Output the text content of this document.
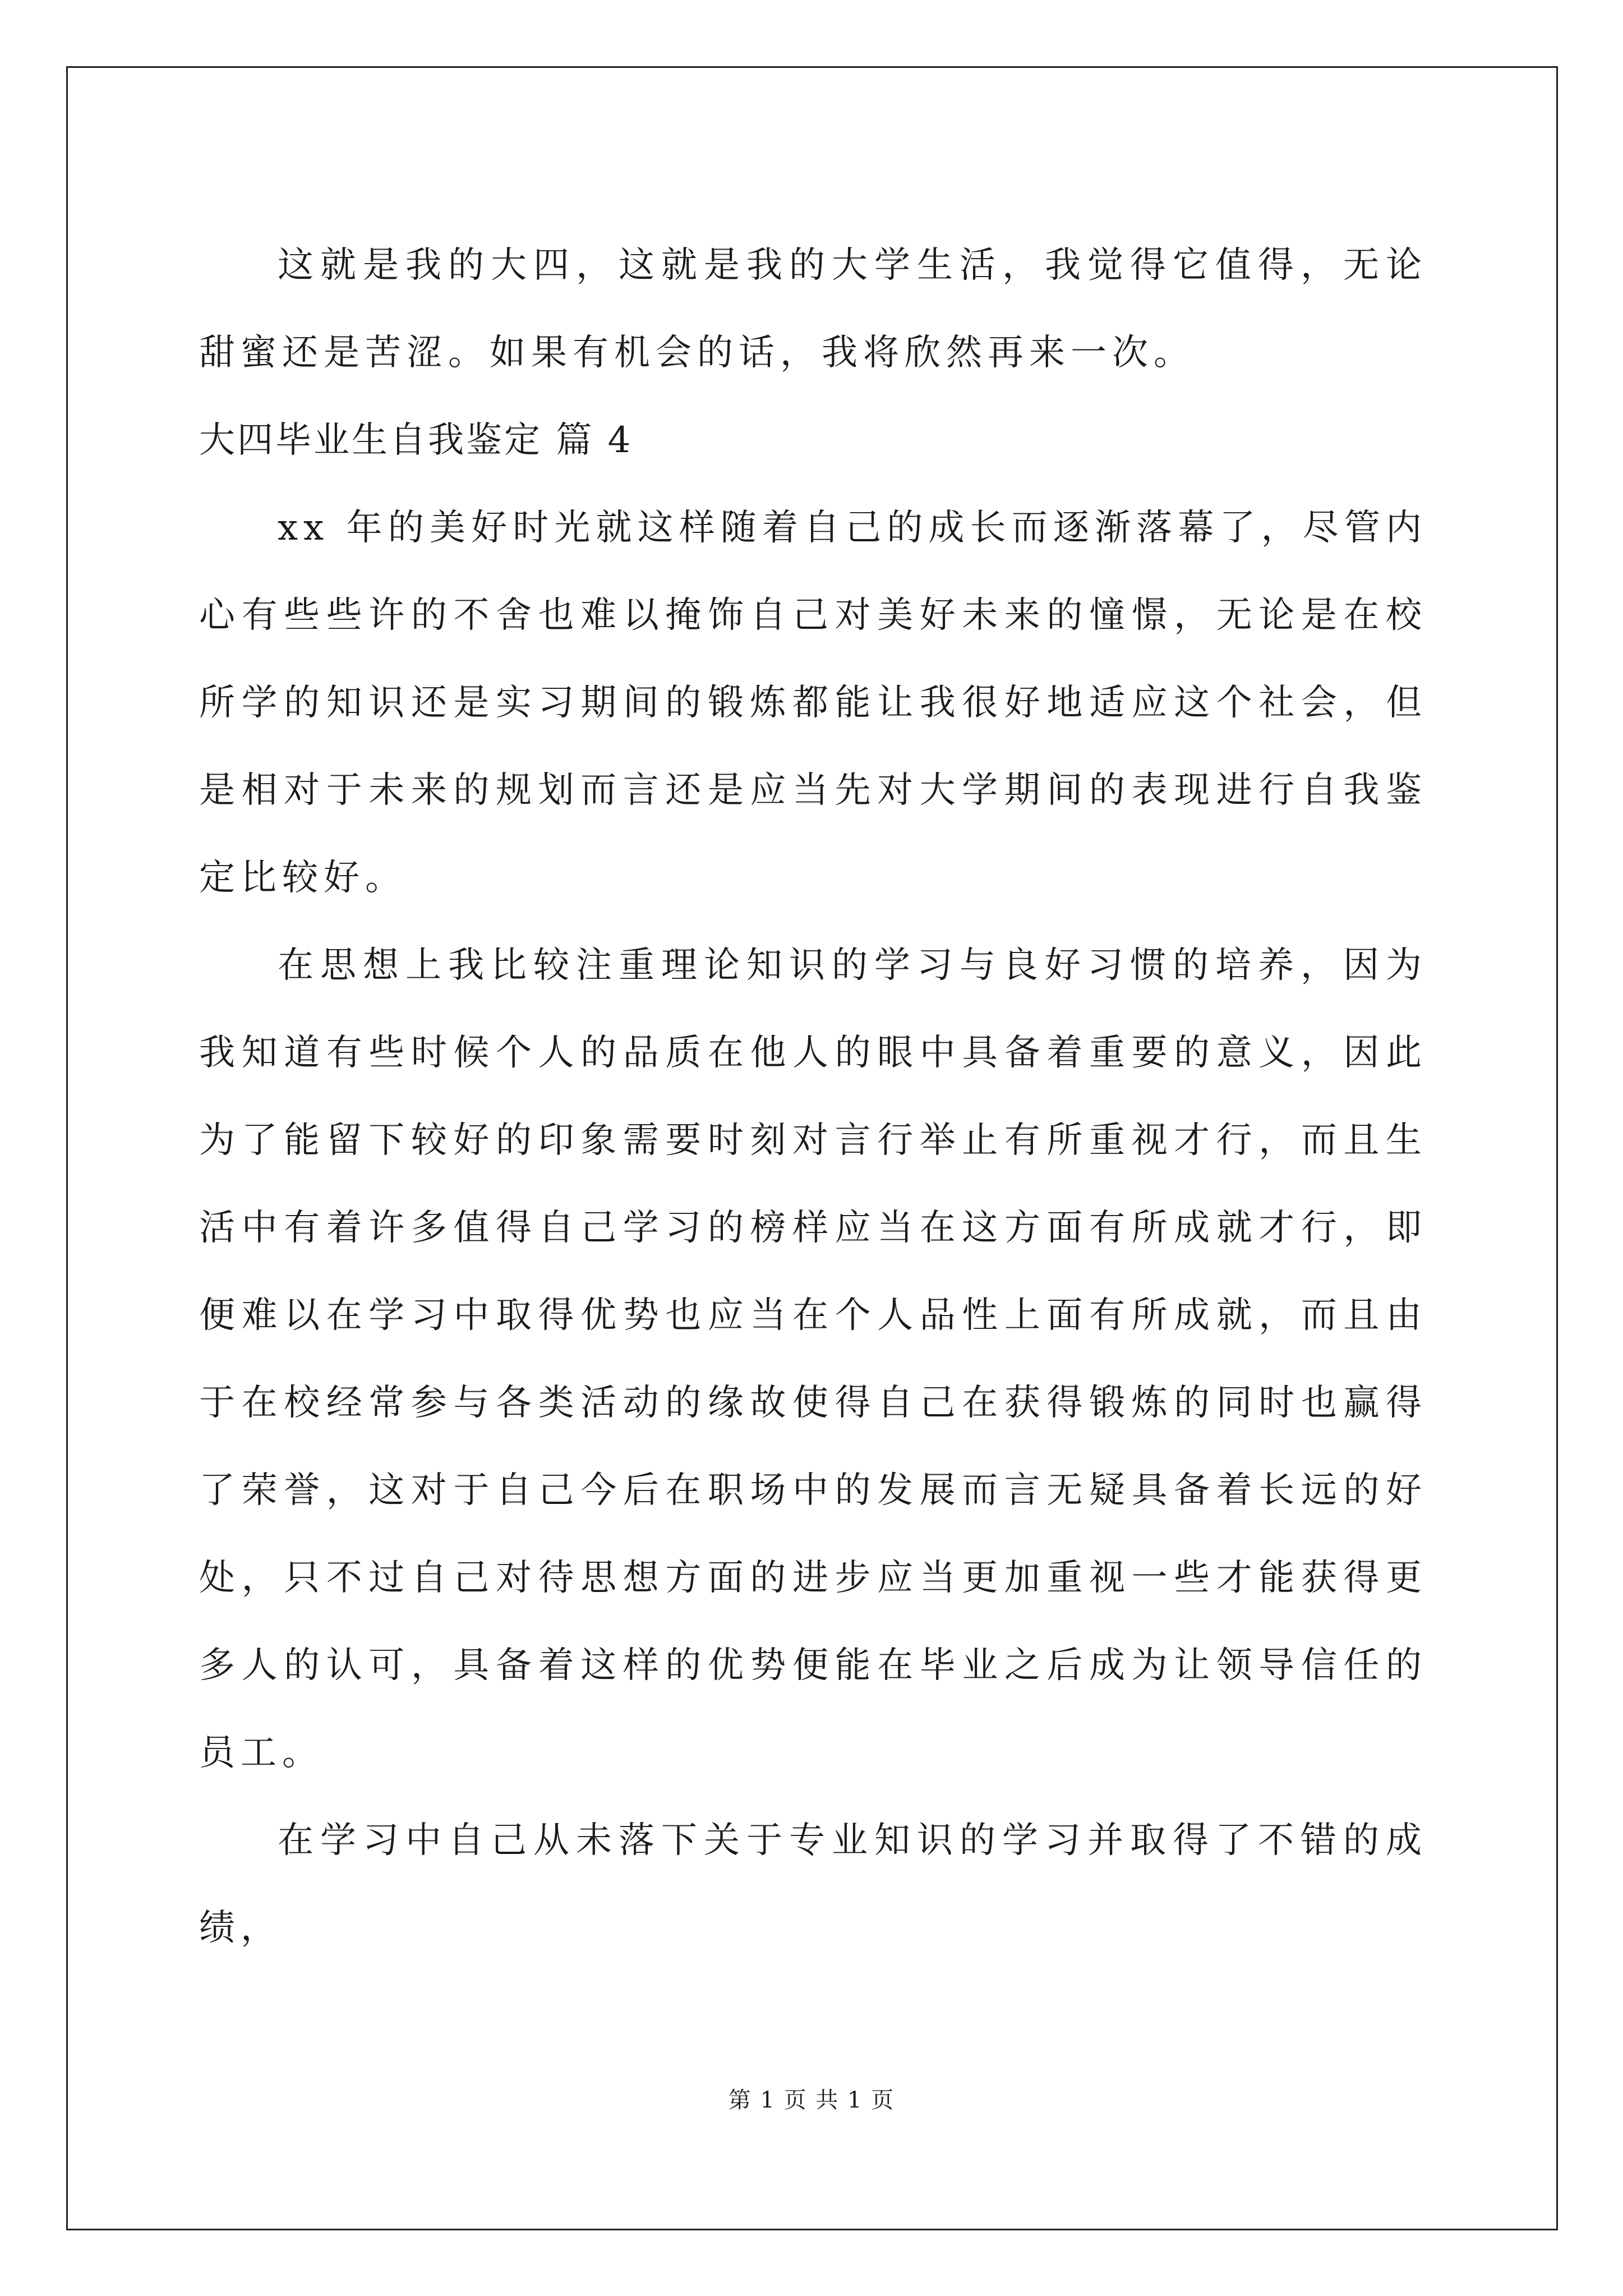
这就是我的大四，这就是我的大学生活，我觉得它值得，无论甜蜜还是苦涩。如果有机会的话，我将欣然再来一次。

大四毕业生自我鉴定 篇 4

xx 年的美好时光就这样随着自己的成长而逐渐落幕了，尽管内心有些些许的不舍也难以掩饰自己对美好未来的憧憬，无论是在校所学的知识还是实习期间的锻炼都能让我很好地适应这个社会，但是相对于未来的规划而言还是应当先对大学期间的表现进行自我鉴定比较好。

在思想上我比较注重理论知识的学习与良好习惯的培养，因为我知道有些时候个人的品质在他人的眼中具备着重要的意义，因此为了能留下较好的印象需要时刻对言行举止有所重视才行，而且生活中有着许多值得自己学习的榜样应当在这方面有所成就才行，即便难以在学习中取得优势也应当在个人品性上面有所成就，而且由于在校经常参与各类活动的缘故使得自己在获得锻炼的同时也赢得了荣誉，这对于自己今后在职场中的发展而言无疑具备着长远的好处，只不过自己对待思想方面的进步应当更加重视一些才能获得更多人的认可，具备着这样的优势便能在毕业之后成为让领导信任的员工。

在学习中自己从未落下关于专业知识的学习并取得了不错的成绩，

第 1 页 共 1 页
